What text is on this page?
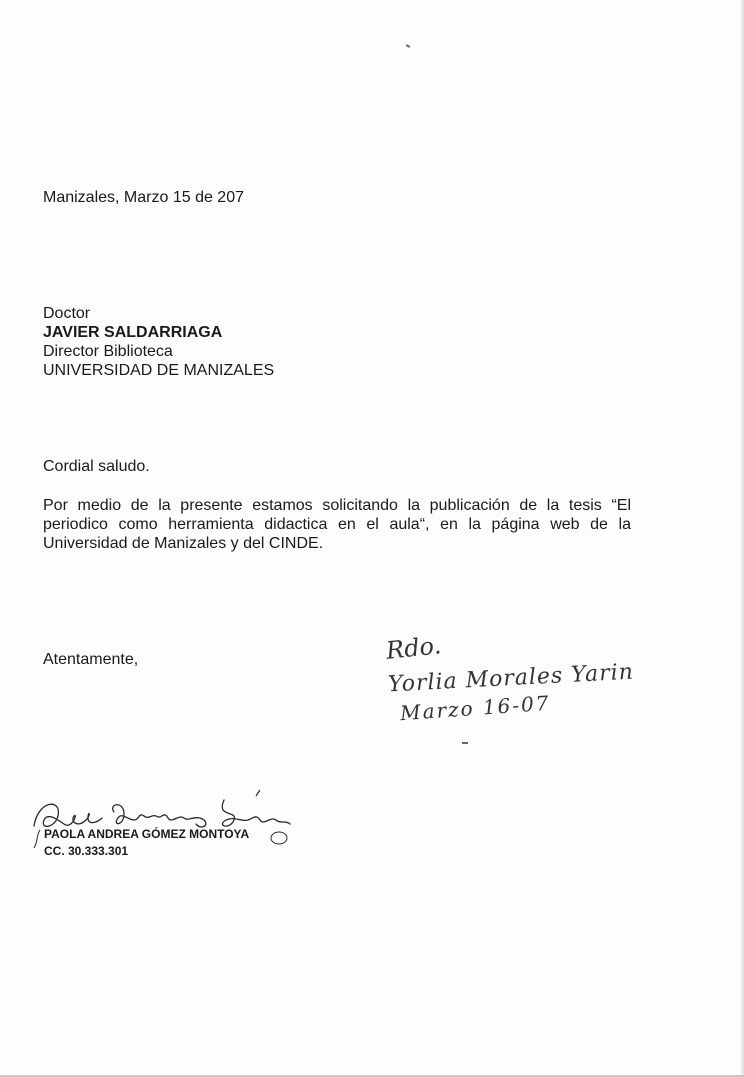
Manizales, Marzo 15 de 207
Doctor
JAVIER SALDARRIAGA
Director Biblioteca
UNIVERSIDAD DE MANIZALES
Cordial saludo.
Por medio de la presente estamos solicitando la publicación de la tesis “El periodico como herramienta didactica en el aula“, en la página web de la Universidad de Manizales y del CINDE.
Atentamente,	Rdo.
Yorlia Morales Yarin
Marzo 16-07
PAOLA ANDREA GÓMEZ MONTOYA
CC. 30.333.301
